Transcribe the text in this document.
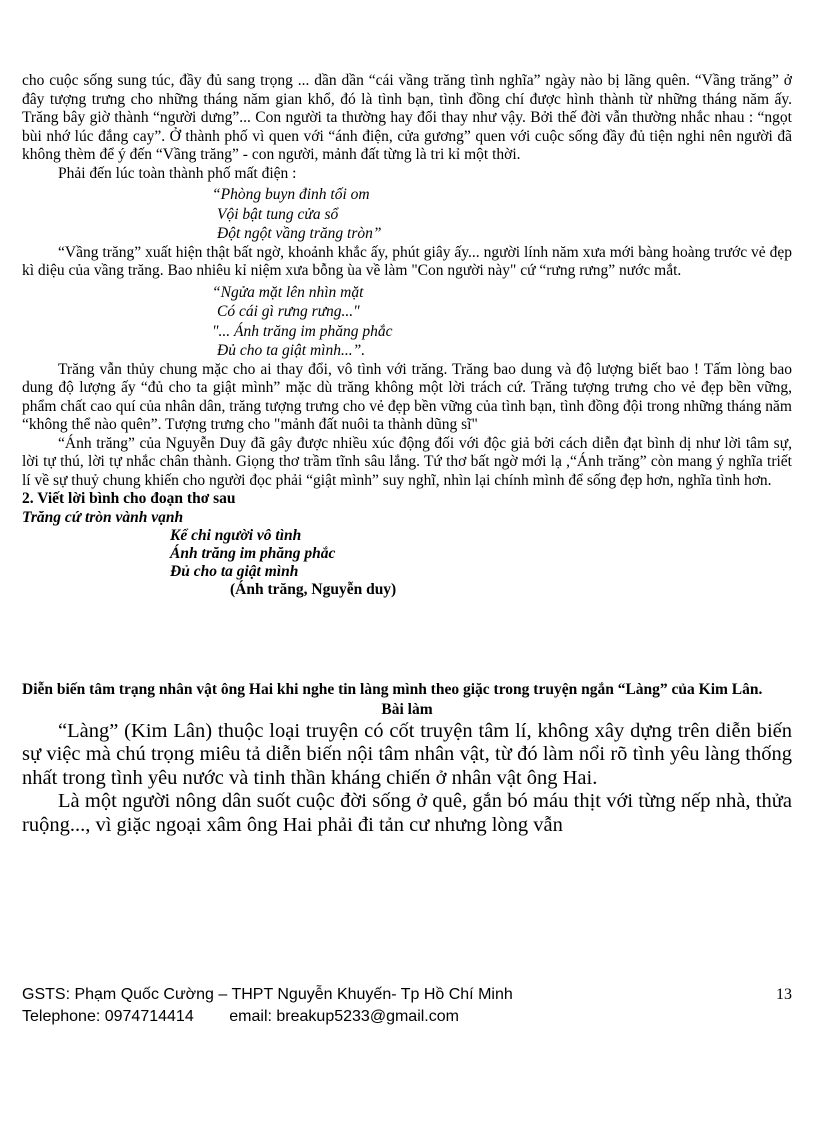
cho cuộc sống sung túc, đầy đủ sang trọng ... dần dần “cái vầng trăng tình nghĩa” ngày nào bị lãng quên. “Vầng trăng” ở đây tượng trưng cho những tháng năm gian khổ, đó là tình bạn, tình đồng chí được hình thành từ những tháng năm ấy. Trăng bây giờ thành “người dưng”... Con người ta thường hay đổi thay như vậy. Bởi thế đời vẫn thường nhắc nhau : “ngọt bùi nhớ lúc đắng cay”. Ở thành phố vì quen với “ánh điện, cửa gương” quen với cuộc sống đầy đủ tiện nghi nên người đã không thèm để ý đến “Vầng trăng” - con người, mảnh đất từng là tri kỉ một thời.

Phải đến lúc toàn thành phố mất điện :

“Phòng buyn đinh tối om

Vội bật tung cửa sổ

Đột ngột vầng trăng tròn”

“Vầng trăng” xuất hiện thật bất ngờ, khoảnh khắc ấy, phút giây ấy... người lính năm xưa mới bàng hoàng trước vẻ đẹp kì diệu của vầng trăng. Bao nhiêu kỉ niệm xưa bỗng ùa về làm "Con người này" cứ “rưng rưng” nước mắt.

“Ngửa mặt lên nhìn mặt

Có cái gì rưng rưng..."

"... Ánh trăng im phăng phắc

Đủ cho ta giật mình...”.

Trăng vẫn thủy chung mặc cho ai thay đổi, vô tình với trăng. Trăng bao dung và độ lượng biết bao ! Tấm lòng bao dung độ lượng ấy “đủ cho ta giật mình” mặc dù trăng không một lời trách cứ. Trăng tượng trưng cho vẻ đẹp bền vững, phẩm chất cao quí của nhân dân, trăng tượng trưng cho vẻ đẹp bền vững của tình bạn, tình đồng đội trong những tháng năm “không thể nào quên”. Tượng trưng cho "mảnh đất nuôi ta thành dũng sĩ"

“Ánh trăng” của Nguyễn Duy đã gây được nhiều xúc động đối với độc giả bởi cách diễn đạt bình dị như lời tâm sự, lời tự thú, lời tự nhắc chân thành. Giọng thơ trầm tĩnh sâu lắng. Tứ thơ bất ngờ mới lạ ,“Ánh trăng” còn mang ý nghĩa triết lí về sự thuỷ chung khiến cho người đọc phải “giật mình” suy nghĩ, nhìn lại chính mình để sống đẹp hơn, nghĩa tình hơn.

2. Viết lời bình cho đoạn thơ sau

Trăng cứ tròn vành vạnh

Kể chi người vô tình

Ánh trăng im phăng phắc

Đủ cho ta giật mình

(Ánh trăng, Nguyễn duy)

Diễn biến tâm trạng nhân vật ông Hai khi nghe tin làng mình theo giặc trong truyện ngắn “Làng” của Kim Lân.

Bài làm

“Làng” (Kim Lân) thuộc loại truyện có cốt truyện tâm lí, không xây dựng trên diễn biến sự việc mà chú trọng miêu tả diễn biến nội tâm nhân vật, từ đó làm nổi rõ tình yêu làng thống nhất trong tình yêu nước và tinh thần kháng chiến ở nhân vật ông Hai.

Là một người nông dân suốt cuộc đời sống ở quê, gắn bó máu thịt với từng nếp nhà, thửa ruộng..., vì giặc ngoại xâm ông Hai phải đi tản cư nhưng lòng vẫn

GSTS: Phạm Quốc Cường – THPT Nguyễn Khuyến- Tp Hồ Chí Minh
Telephone: 0974714414        email: breakup5233@gmail.com
13
